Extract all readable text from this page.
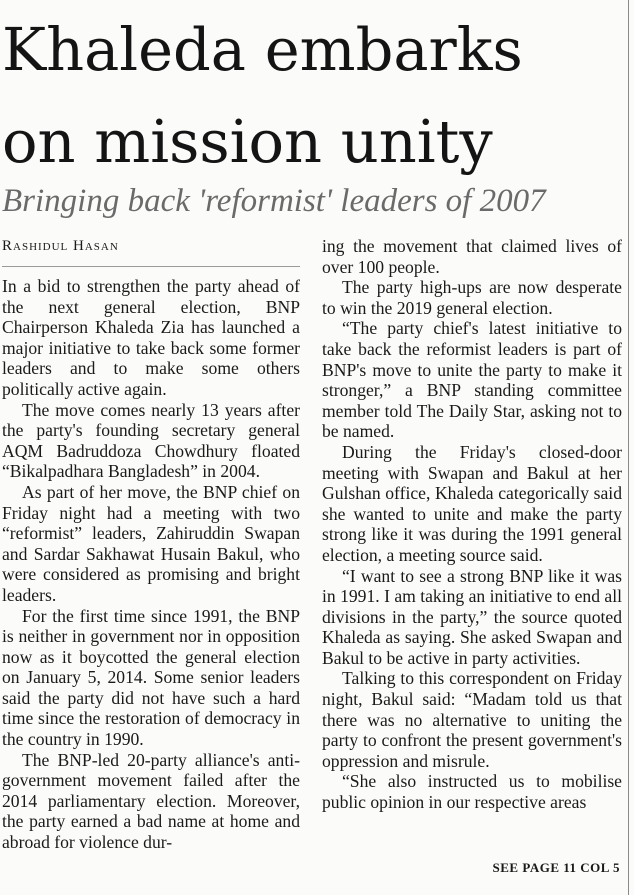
Khaleda embarks
on mission unity
Bringing back 'reformist' leaders of 2007
Rashidul Hasan

In a bid to strengthen the party ahead of the next general election, BNP Chairperson Khaleda Zia has launched a major initiative to take back some former leaders and to make some others politically active again.

The move comes nearly 13 years after the party's founding secretary general AQM Badruddoza Chowdhury floated “Bikalpadhara Bangladesh” in 2004.

As part of her move, the BNP chief on Friday night had a meeting with two “reformist” leaders, Zahiruddin Swapan and Sardar Sakhawat Husain Bakul, who were considered as promising and bright leaders.

For the first time since 1991, the BNP is neither in government nor in opposition now as it boycotted the general election on January 5, 2014. Some senior leaders said the party did not have such a hard time since the restoration of democracy in the country in 1990.

The BNP-led 20-party alliance's anti-government movement failed after the 2014 parliamentary election. Moreover, the party earned a bad name at home and abroad for violence dur-

ing the movement that claimed lives of over 100 people.

The party high-ups are now desperate to win the 2019 general election.

“The party chief's latest initiative to take back the reformist leaders is part of BNP's move to unite the party to make it stronger,” a BNP standing committee member told The Daily Star, asking not to be named.

During the Friday's closed-door meeting with Swapan and Bakul at her Gulshan office, Khaleda categorically said she wanted to unite and make the party strong like it was during the 1991 general election, a meeting source said.

“I want to see a strong BNP like it was in 1991. I am taking an initiative to end all divisions in the party,” the source quoted Khaleda as saying. She asked Swapan and Bakul to be active in party activities.

Talking to this correspondent on Friday night, Bakul said: “Madam told us that there was no alternative to uniting the party to confront the present government's oppression and misrule.

“She also instructed us to mobilise public opinion in our respective areas

SEE PAGE 11 COL 5
